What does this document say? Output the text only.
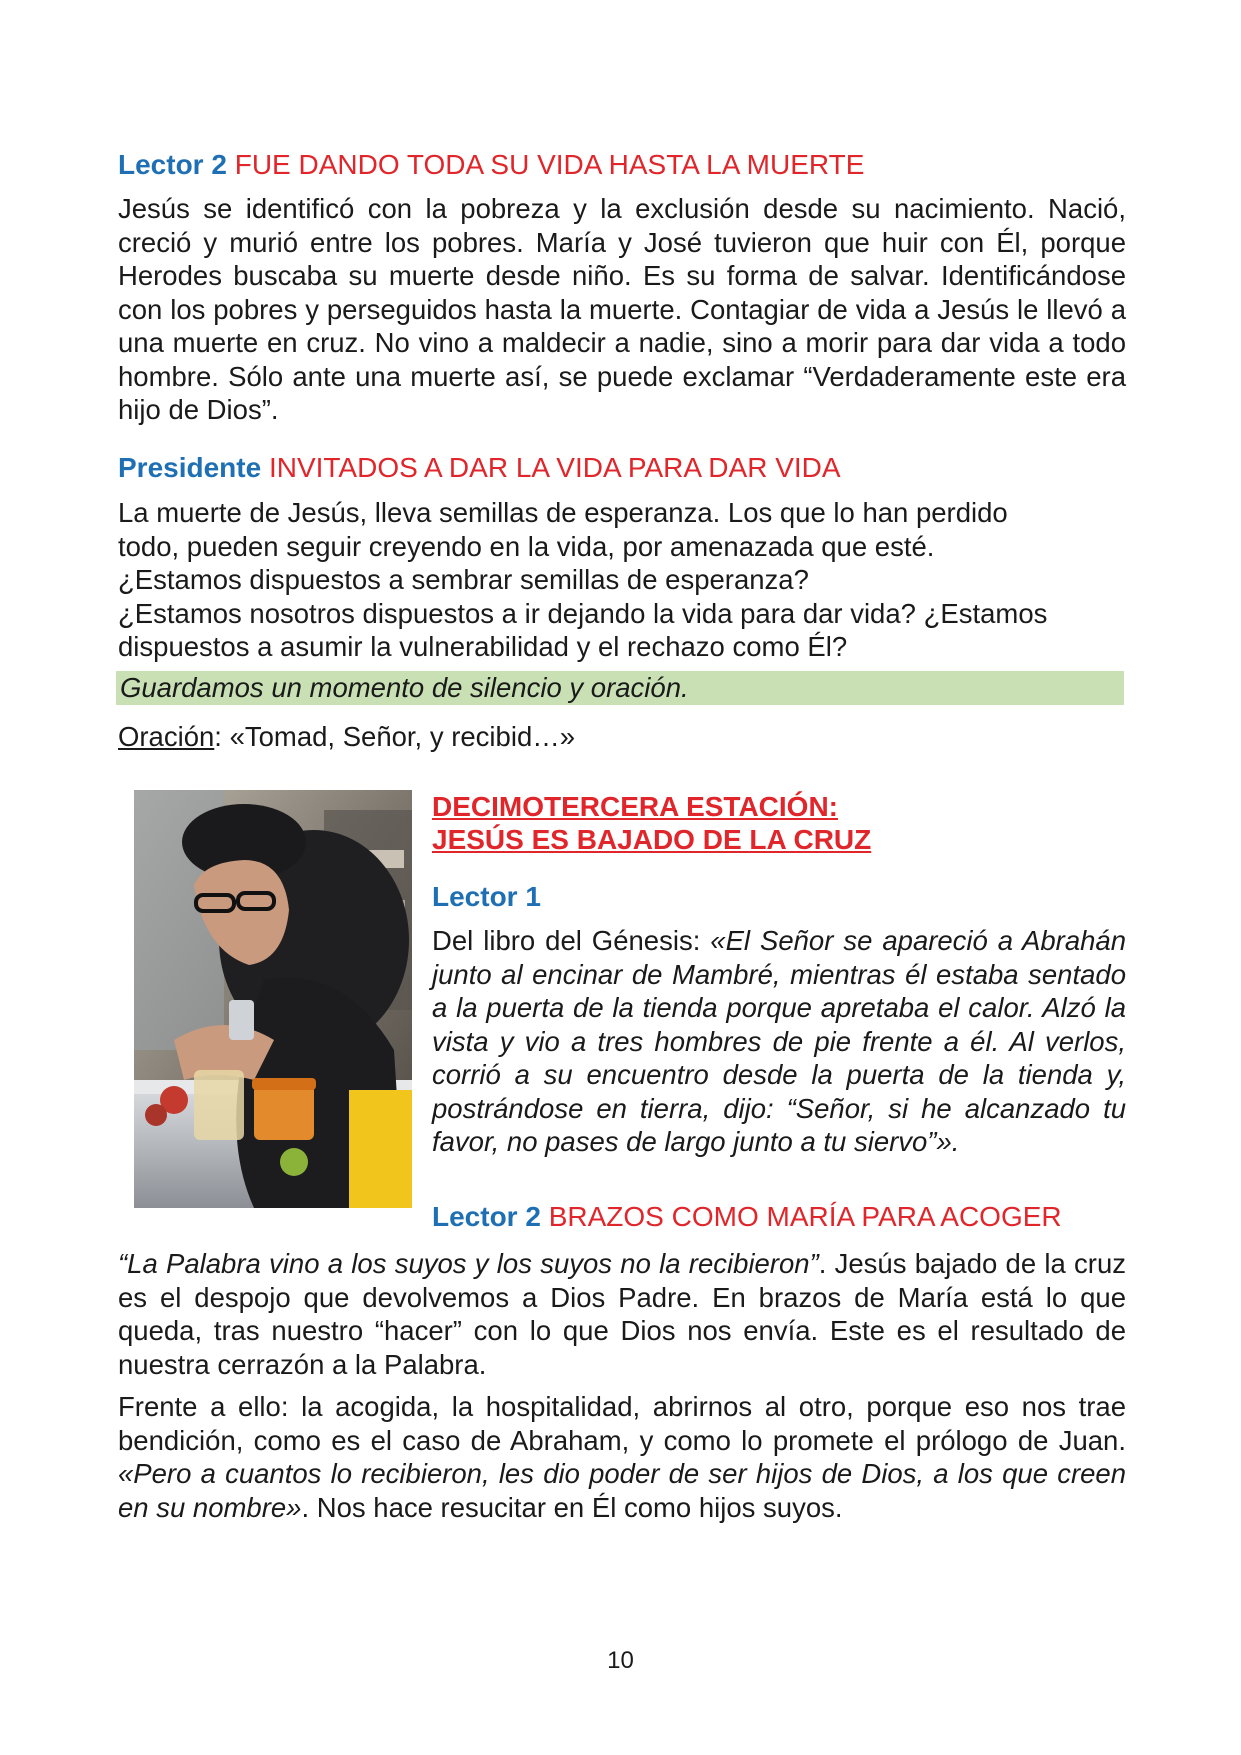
Lector 2 FUE DANDO TODA SU VIDA HASTA LA MUERTE

Jesús se identificó con la pobreza y la exclusión desde su nacimiento. Nació, creció y murió entre los pobres. María y José tuvieron que huir con Él, porque Herodes buscaba su muerte desde niño. Es su forma de salvar. Identificándose con los pobres y perseguidos hasta la muerte. Contagiar de vida a Jesús le llevó a una muerte en cruz. No vino a maldecir a nadie, sino a morir para dar vida a todo hombre. Sólo ante una muerte así, se puede exclamar “Verdaderamente este era hijo de Dios”.

Presidente INVITADOS A DAR LA VIDA PARA DAR VIDA

La muerte de Jesús, lleva semillas de esperanza. Los que lo han perdido

todo, pueden seguir creyendo en la vida, por amenazada que esté.

¿Estamos dispuestos a sembrar semillas de esperanza?

¿Estamos nosotros dispuestos a ir dejando la vida para dar vida? ¿Estamos

dispuestos a asumir la vulnerabilidad y el rechazo como Él?

Guardamos un momento de silencio y oración.

Oración: «Tomad, Señor, y recibid…»

DECIMOTERCERA ESTACIÓN:
JESÚS ES BAJADO DE LA CRUZ

Lector 1

Del libro del Génesis: «El Señor se apareció a Abrahán junto al encinar de Mambré, mientras él estaba sentado a la puerta de la tienda porque apretaba el calor. Alzó la vista y vio a tres hombres de pie frente a él. Al verlos, corrió a su encuentro desde la puerta de la tienda y, postrándose en tierra, dijo: “Señor, si he alcanzado tu favor, no pases de largo junto a tu siervo”».

Lector 2 BRAZOS COMO MARÍA PARA ACOGER

“La Palabra vino a los suyos y los suyos no la recibieron”. Jesús bajado de la cruz es el despojo que devolvemos a Dios Padre. En brazos de María está lo que queda, tras nuestro “hacer” con lo que Dios nos envía. Este es el resultado de nuestra cerrazón a la Palabra.

Frente a ello: la acogida, la hospitalidad, abrirnos al otro, porque eso nos trae bendición, como es el caso de Abraham, y como lo promete el prólogo de Juan. «Pero a cuantos lo recibieron, les dio poder de ser hijos de Dios, a los que creen en su nombre». Nos hace resucitar en Él como hijos suyos.

10
